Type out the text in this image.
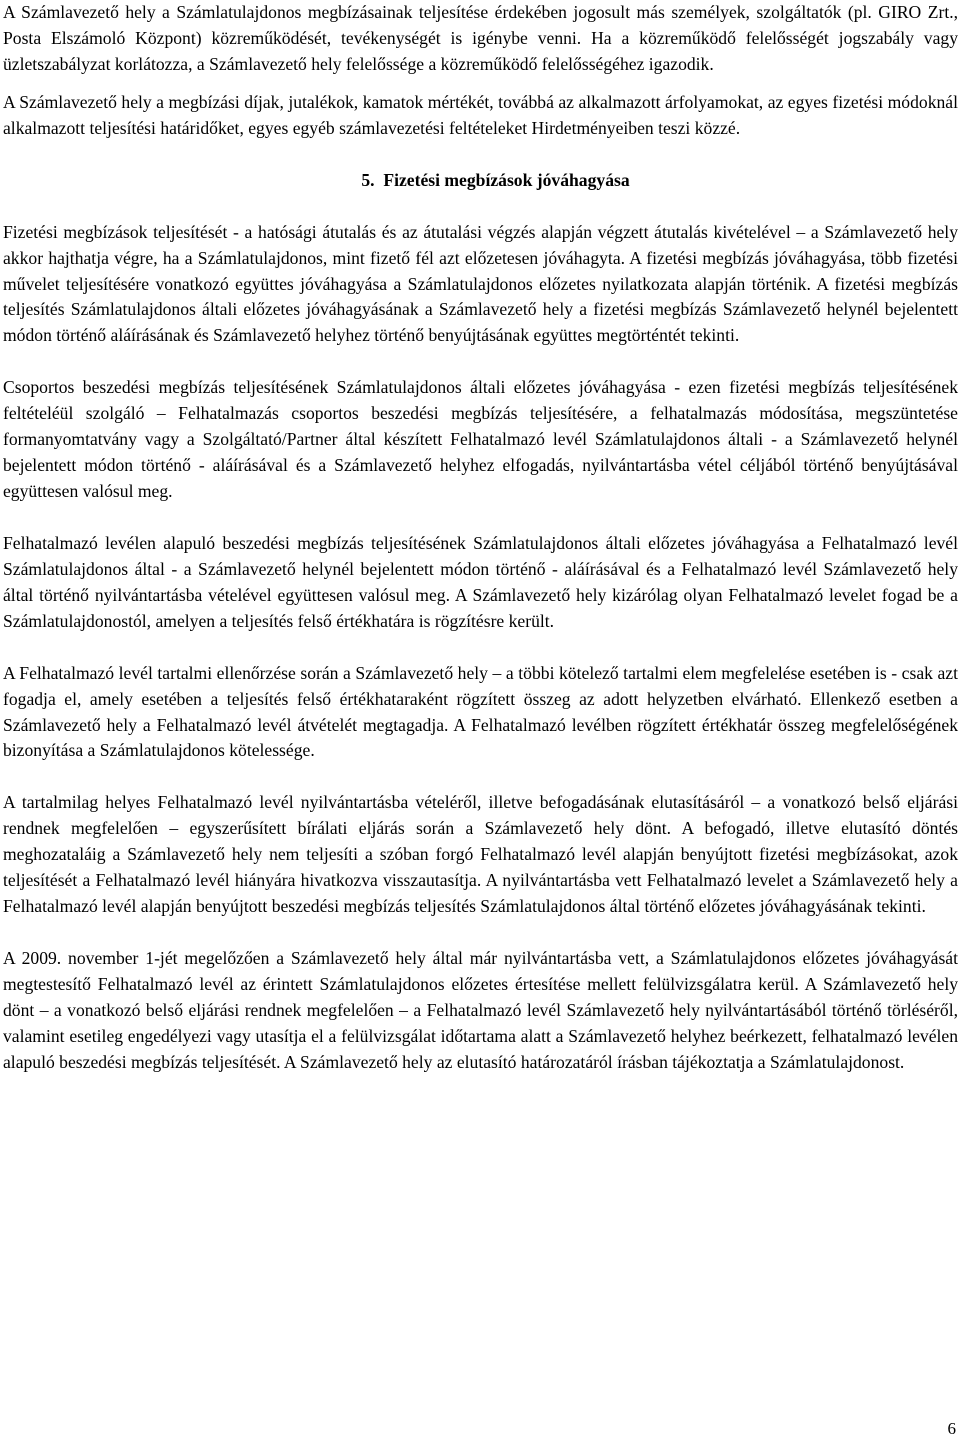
A Számlavezető hely a Számlatulajdonos megbízásainak teljesítése érdekében jogosult más személyek, szolgáltatók (pl. GIRO Zrt., Posta Elszámoló Központ) közreműködését, tevékenységét is igénybe venni. Ha a közreműködő felelősségét jogszabály vagy üzletszabályzat korlátozza, a Számlavezető hely felelőssége a közreműködő felelősségéhez igazodik.

A Számlavezető hely a megbízási díjak, jutalékok, kamatok mértékét, továbbá az alkalmazott árfolyamokat, az egyes fizetési módoknál alkalmazott teljesítési határidőket, egyes egyéb számlavezetési feltételeket Hirdetményeiben teszi közzé.

5.  Fizetési megbízások jóváhagyása

Fizetési megbízások teljesítését - a hatósági átutalás és az átutalási végzés alapján végzett átutalás kivételével – a Számlavezető hely akkor hajthatja végre, ha a Számlatulajdonos, mint fizető fél azt előzetesen jóváhagyta. A fizetési megbízás jóváhagyása, több fizetési művelet teljesítésére vonatkozó együttes jóváhagyása a Számlatulajdonos előzetes nyilatkozata alapján történik. A fizetési megbízás teljesítés Számlatulajdonos általi előzetes jóváhagyásának a Számlavezető hely a fizetési megbízás Számlavezető helynél bejelentett módon történő aláírásának és Számlavezető helyhez történő benyújtásának együttes megtörténtét tekinti.

Csoportos beszedési megbízás teljesítésének Számlatulajdonos általi előzetes jóváhagyása - ezen fizetési megbízás teljesítésének feltételéül szolgáló – Felhatalmazás csoportos beszedési megbízás teljesítésére, a felhatalmazás módosítása, megszüntetése formanyomtatvány vagy a Szolgáltató/Partner által készített Felhatalmazó levél Számlatulajdonos általi - a Számlavezető helynél bejelentett módon történő - aláírásával és a Számlavezető helyhez elfogadás, nyilvántartásba vétel céljából történő benyújtásával együttesen valósul meg.

Felhatalmazó levélen alapuló beszedési megbízás teljesítésének Számlatulajdonos általi előzetes jóváhagyása a Felhatalmazó levél Számlatulajdonos által - a Számlavezető helynél bejelentett módon történő - aláírásával és a Felhatalmazó levél Számlavezető hely által történő nyilvántartásba vételével együttesen valósul meg. A Számlavezető hely kizárólag olyan Felhatalmazó levelet fogad be a Számlatulajdonostól, amelyen a teljesítés felső értékhatára is rögzítésre került.

A Felhatalmazó levél tartalmi ellenőrzése során a Számlavezető hely – a többi kötelező tartalmi elem megfelelése esetében is - csak azt fogadja el, amely esetében a teljesítés felső értékhataraként rögzített összeg az adott helyzetben elvárható. Ellenkező esetben a Számlavezető hely a Felhatalmazó levél átvételét megtagadja. A Felhatalmazó levélben rögzített értékhatár összeg megfelelőségének bizonyítása a Számlatulajdonos kötelessége.

A tartalmilag helyes Felhatalmazó levél nyilvántartásba vételéről, illetve befogadásának elutasításáról – a vonatkozó belső eljárási rendnek megfelelően – egyszerűsített bírálati eljárás során a Számlavezető hely dönt. A befogadó, illetve elutasító döntés meghozataláig a Számlavezető hely nem teljesíti a szóban forgó Felhatalmazó levél alapján benyújtott fizetési megbízásokat, azok teljesítését a Felhatalmazó levél hiányára hivatkozva visszautasítja. A nyilvántartásba vett Felhatalmazó levelet a Számlavezető hely a Felhatalmazó levél alapján benyújtott beszedési megbízás teljesítés Számlatulajdonos által történő előzetes jóváhagyásának tekinti.

A 2009. november 1-jét megelőzően a Számlavezető hely által már nyilvántartásba vett, a Számlatulajdonos előzetes jóváhagyását megtestesítő Felhatalmazó levél az érintett Számlatulajdonos előzetes értesítése mellett felülvizsgálatra kerül. A Számlavezető hely dönt – a vonatkozó belső eljárási rendnek megfelelően – a Felhatalmazó levél Számlavezető hely nyilvántartásából történő törléséről, valamint esetileg engedélyezi vagy utasítja el a felülvizsgálat időtartama alatt a Számlavezető helyhez beérkezett, felhatalmazó levélen alapuló beszedési megbízás teljesítését. A Számlavezető hely az elutasító határozatáról írásban tájékoztatja a Számlatulajdonost.

6
